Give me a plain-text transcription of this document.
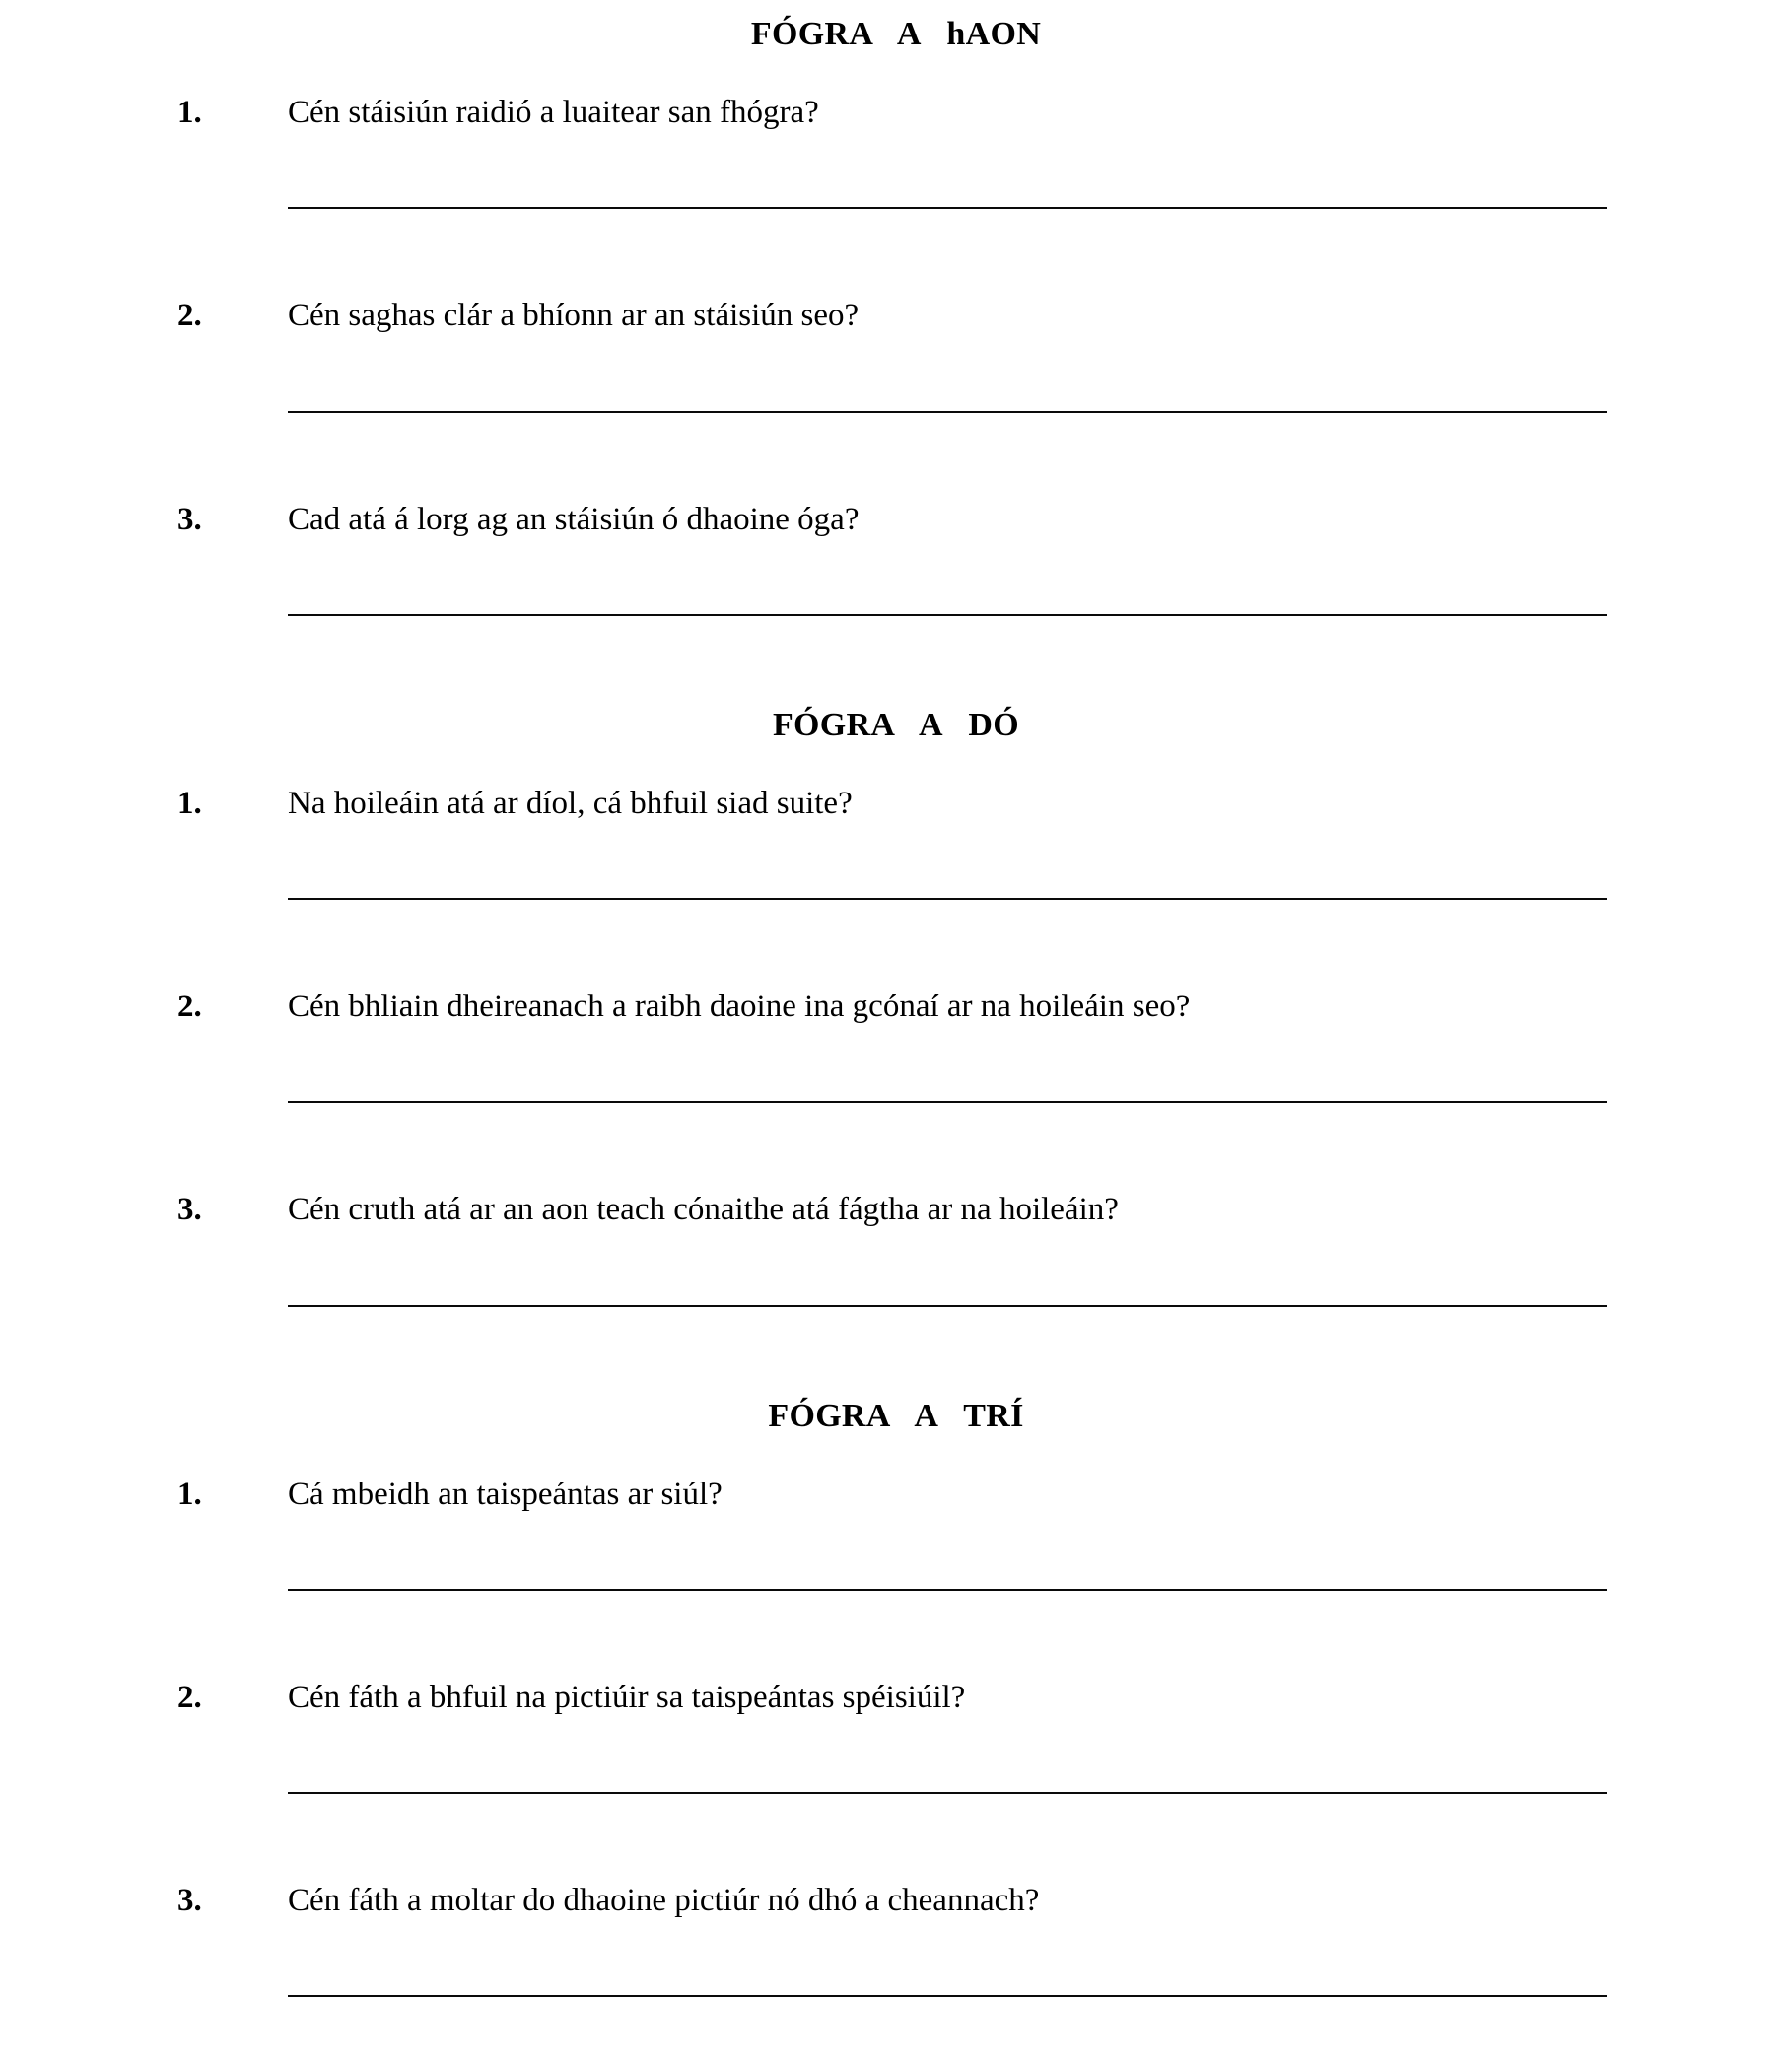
FÓGRA A hAON
1.	Cén stáisiún raidió a luaitear san fhógra?
2.	Cén saghas clár a bhíonn ar an stáisiún seo?
3.	Cad atá á lorg ag an stáisiún ó dhaoine óga?
FÓGRA A DÓ
1.	Na hoileáin atá ar díol, cá bhfuil siad suite?
2.	Cén bhliain dheireanach a raibh daoine ina gcónaí ar na hoileáin seo?
3.	Cén cruth atá ar an aon teach cónaithe atá fágtha ar na hoileáin?
FÓGRA A TRÍ
1.	Cá mbeidh an taispeántas ar siúl?
2.	Cén fáth a bhfuil na pictiúir sa taispeántas spéisiúil?
3.	Cén fáth a moltar do dhaoine pictiúr nó dhó a cheannach?
